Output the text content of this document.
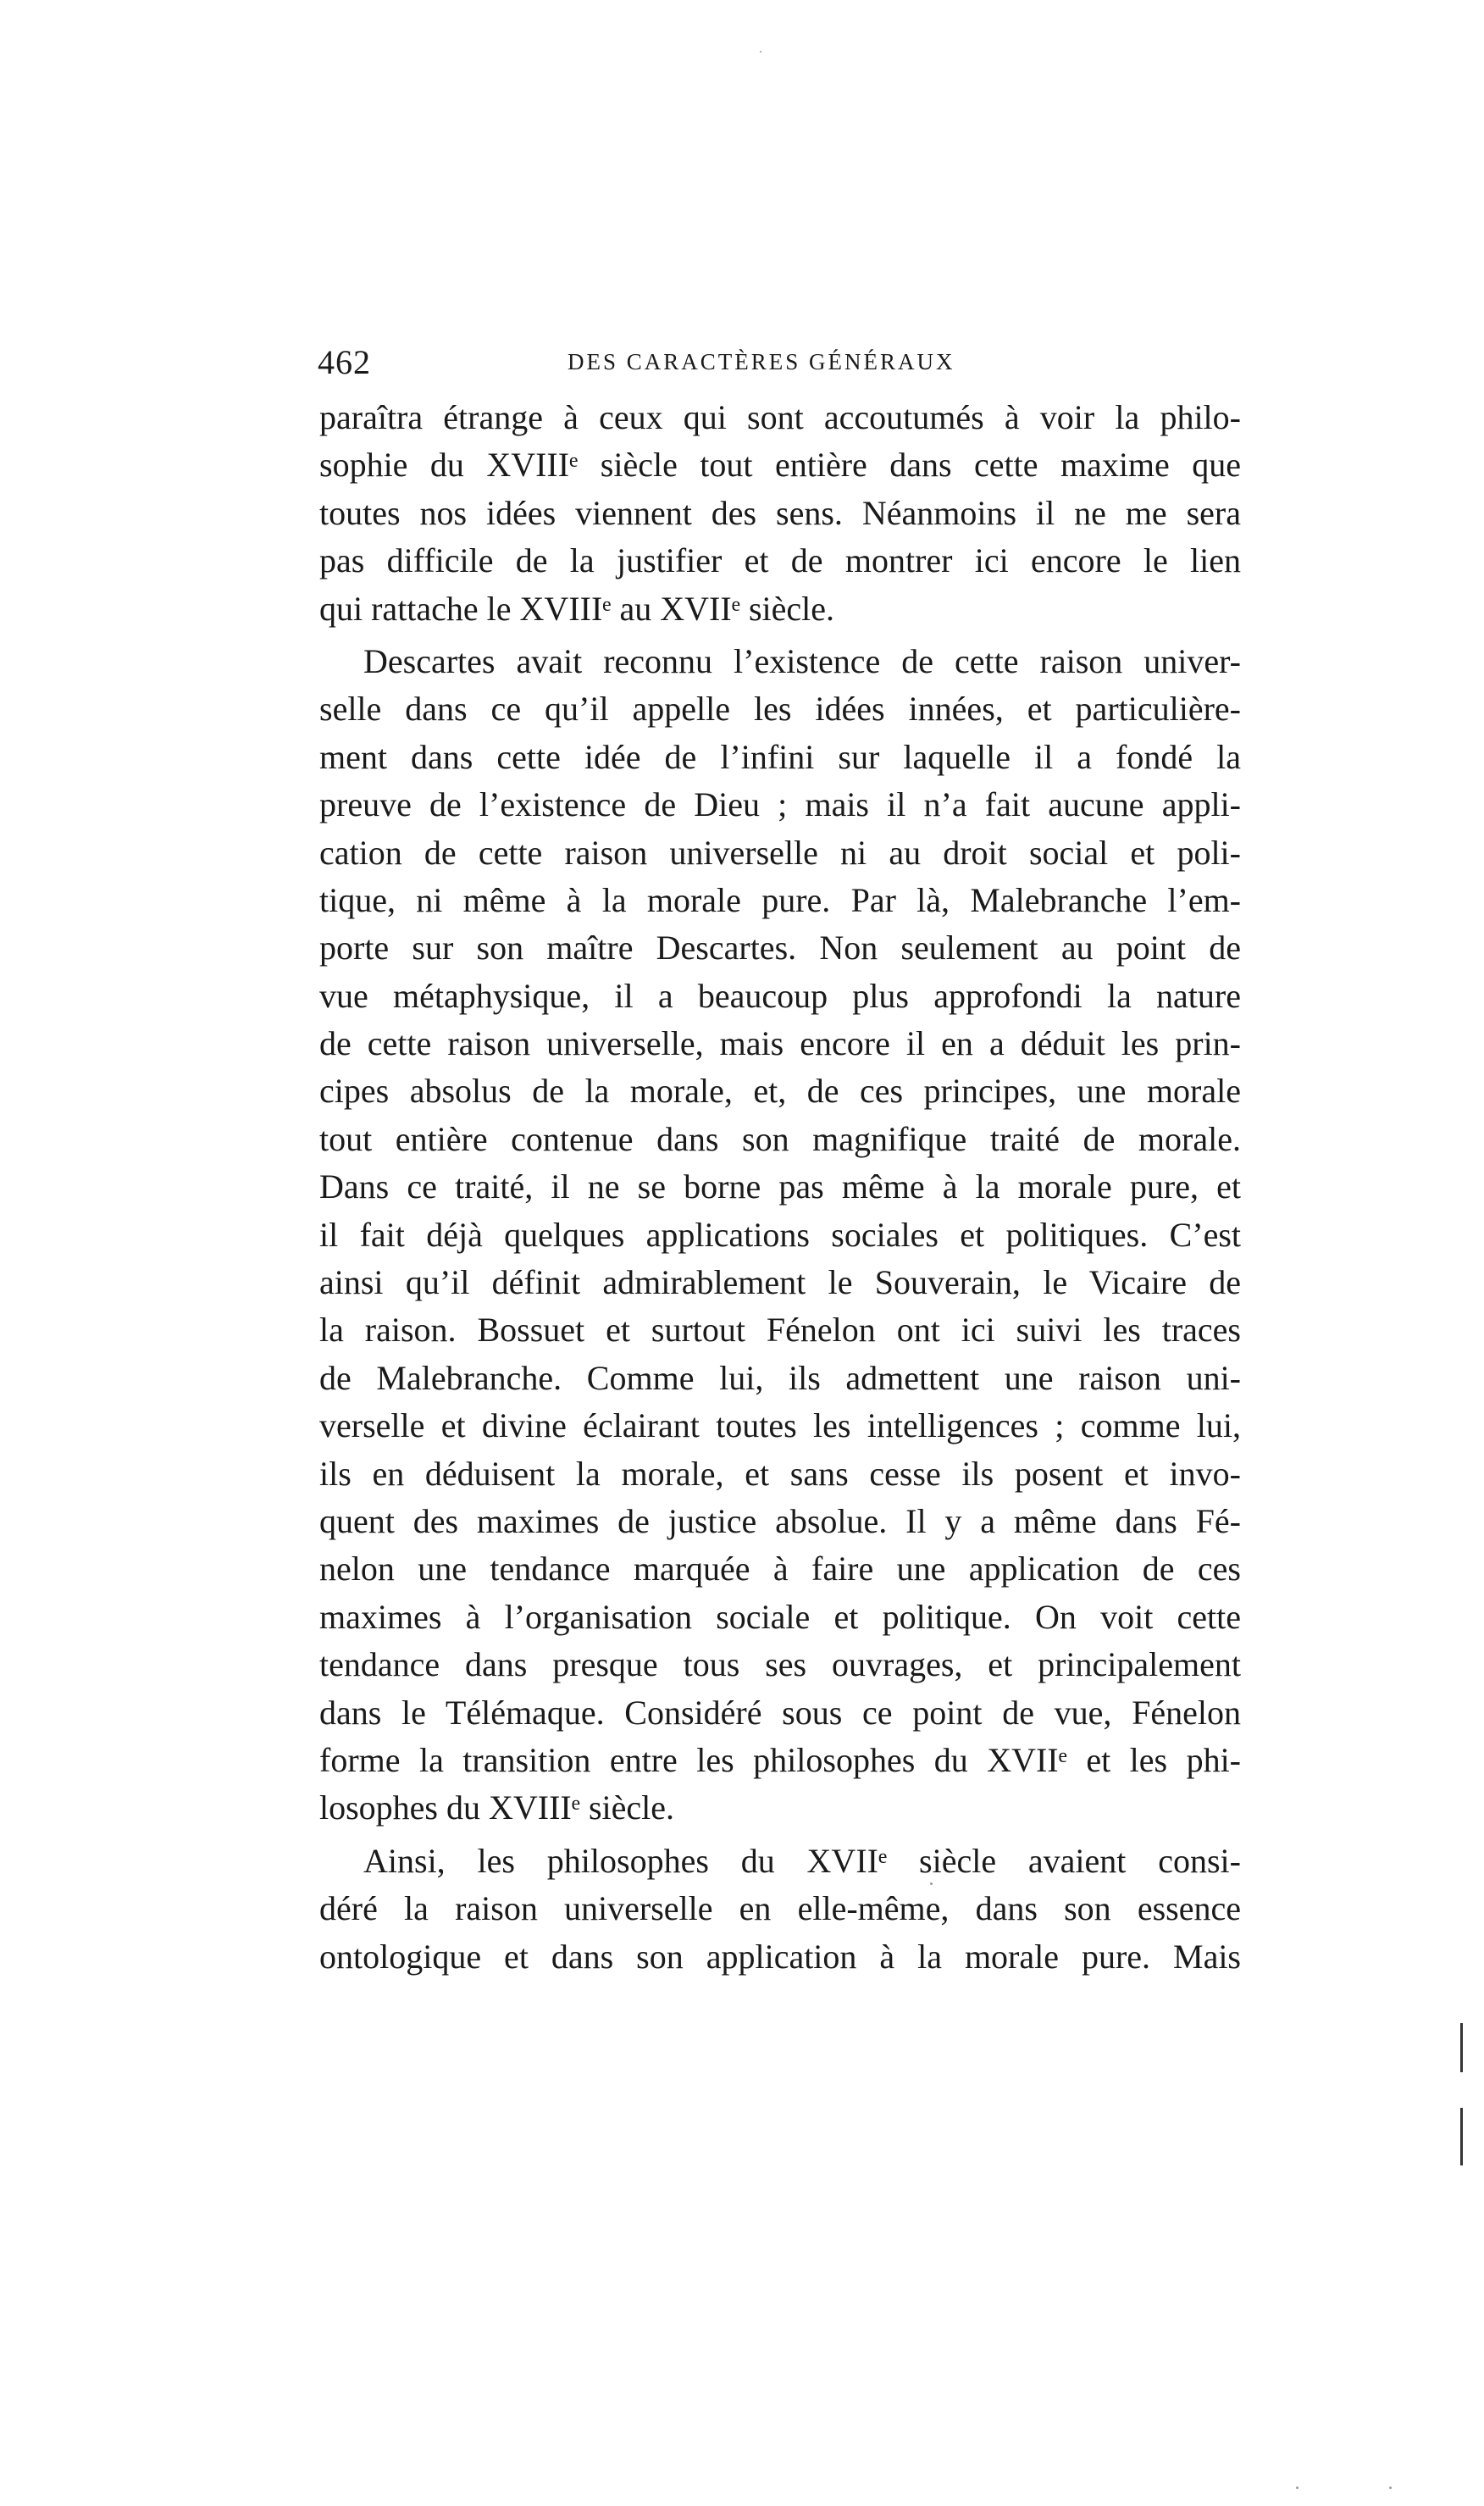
462	DES CARACTÈRES GÉNÉRAUX
paraîtra étrange à ceux qui sont accoutumés à voir la philo-
sophie du XVIIIᵉ siècle tout entière dans cette maxime que
toutes nos idées viennent des sens. Néanmoins il ne me sera
pas difficile de la justifier et de montrer ici encore le lien
qui rattache le XVIIIᵉ au XVIIᵉ siècle.
Descartes avait reconnu l’existence de cette raison univer-
selle dans ce qu’il appelle les idées innées, et particulière-
ment dans cette idée de l’infini sur laquelle il a fondé la
preuve de l’existence de Dieu ; mais il n’a fait aucune appli-
cation de cette raison universelle ni au droit social et poli-
tique, ni même à la morale pure. Par là, Malebranche l’em-
porte sur son maître Descartes. Non seulement au point de
vue métaphysique, il a beaucoup plus approfondi la nature
de cette raison universelle, mais encore il en a déduit les prin-
cipes absolus de la morale, et, de ces principes, une morale
tout entière contenue dans son magnifique traité de morale.
Dans ce traité, il ne se borne pas même à la morale pure, et
il fait déjà quelques applications sociales et politiques. C’est
ainsi qu’il définit admirablement le Souverain, le Vicaire de
la raison. Bossuet et surtout Fénelon ont ici suivi les traces
de Malebranche. Comme lui, ils admettent une raison uni-
verselle et divine éclairant toutes les intelligences ; comme lui,
ils en déduisent la morale, et sans cesse ils posent et invo-
quent des maximes de justice absolue. Il y a même dans Fé-
nelon une tendance marquée à faire une application de ces
maximes à l’organisation sociale et politique. On voit cette
tendance dans presque tous ses ouvrages, et principalement
dans le Télémaque. Considéré sous ce point de vue, Fénelon
forme la transition entre les philosophes du XVIIᵉ et les phi-
losophes du XVIIIᵉ siècle.
Ainsi, les philosophes du XVIIᵉ siècle avaient consi-
déré la raison universelle en elle-même, dans son essence
ontologique et dans son application à la morale pure. Mais
